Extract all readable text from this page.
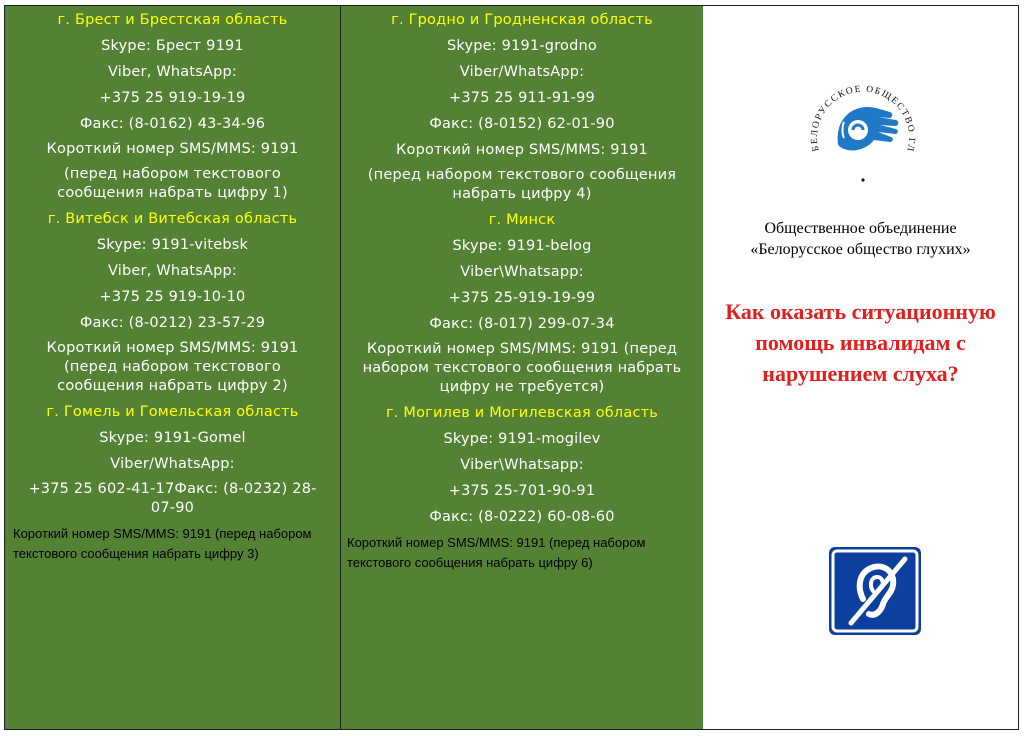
г. Брест и Брестская область
Skype: Брест 9191
Viber, WhatsApp:
+375 25 919-19-19
Факс: (8-0162) 43-34-96
Короткий номер SMS/MMS: 9191
(перед набором текстового сообщения набрать цифру 1)
г. Витебск и Витебская область
Skype: 9191-vitebsk
Viber, WhatsApp:
+375 25 919-10-10
Факс: (8-0212) 23-57-29
Короткий номер SMS/MMS: 9191 (перед набором текстового сообщения набрать цифру 2)
г. Гомель и Гомельская область
Skype: 9191-Gomel
Viber/WhatsApp:
+375 25 602-41-17Факс: (8-0232) 28-07-90
Короткий номер SMS/MMS: 9191 (перед набором текстового сообщения набрать цифру 3)
г. Гродно и Гродненская область
Skype: 9191-grodno
Viber/WhatsApp:
+375 25 911-91-99
Факс: (8-0152) 62-01-90
Короткий номер SMS/MMS: 9191
(перед набором текстового сообщения набрать цифру 4)
г. Минск
Skype: 9191-belog
Viber\Whatsapp:
+375 25-919-19-99
Факс: (8-017) 299-07-34
Короткий номер SMS/MMS: 9191 (перед набором текстового сообщения набрать цифру не требуется)
г. Могилев и Могилевская область
Skype: 9191-mogilev
Viber\Whatsapp:
+375 25-701-90-91
Факс: (8-0222) 60-08-60
Короткий номер SMS/MMS: 9191 (перед набором текстового сообщения набрать цифру 6)
БЕЛОРУССКОЕ ОБЩЕСТВО ГЛ
Общественное объединение
«Белорусское общество глухих»
Как оказать ситуационную помощь инвалидам с нарушением слуха?
